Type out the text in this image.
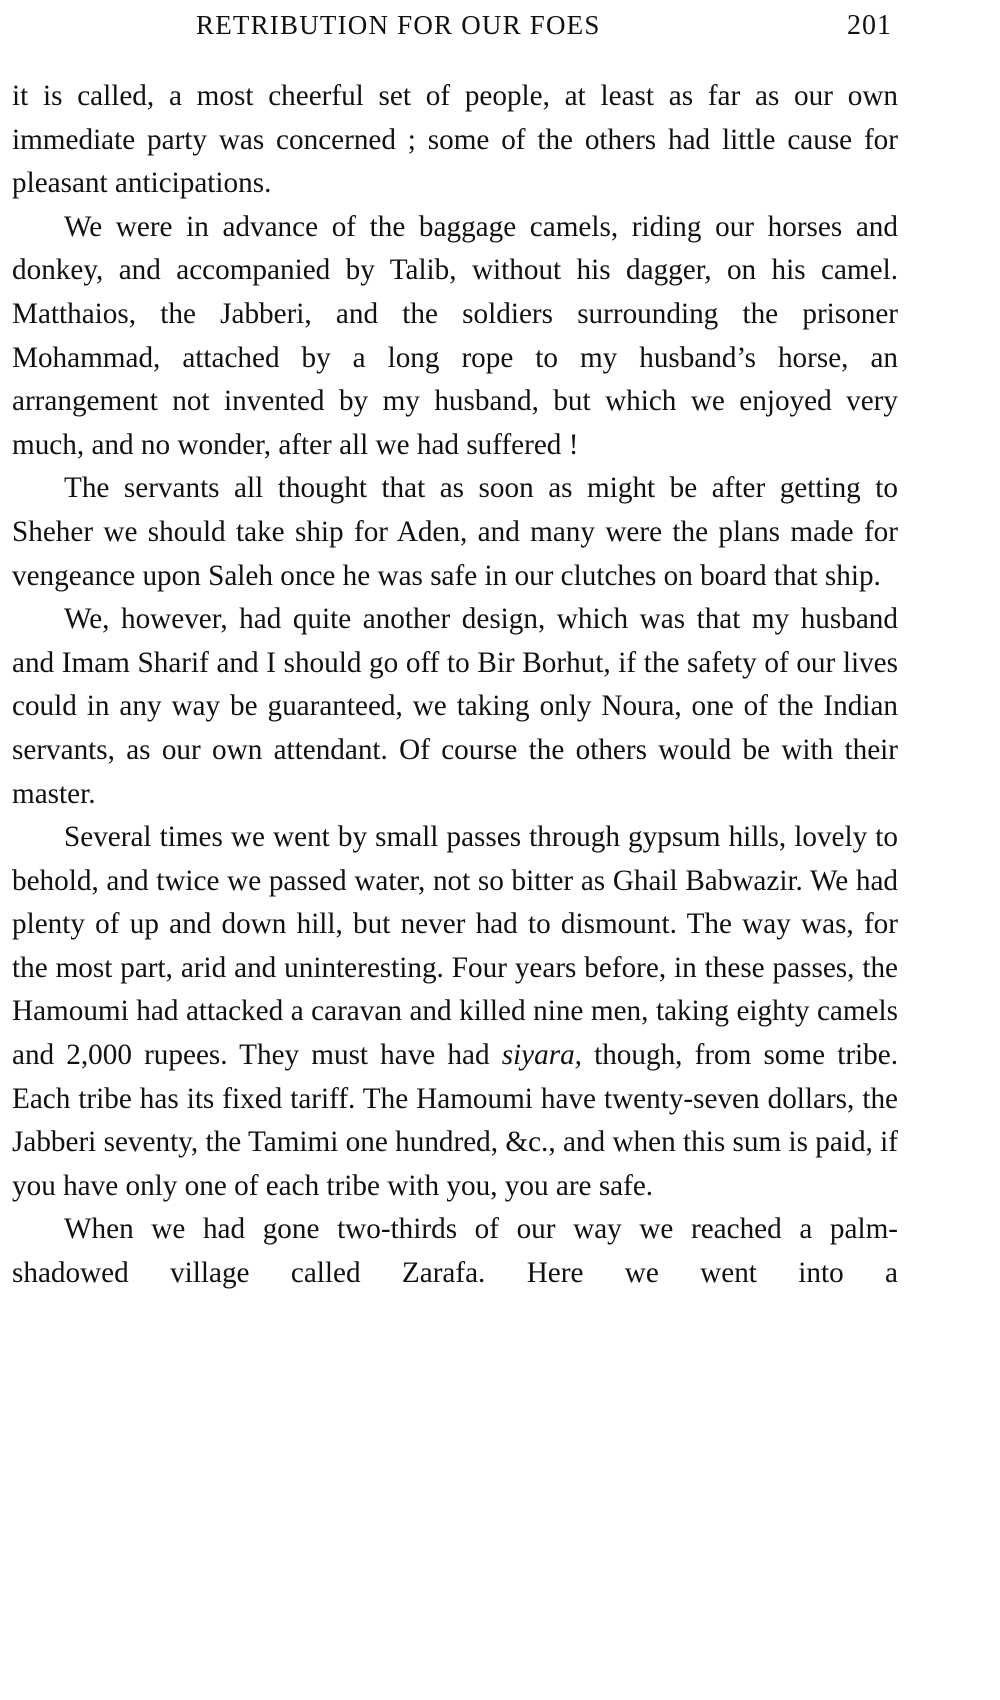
RETRIBUTION FOR OUR FOES	201

it is called, a most cheerful set of people, at least as far as our own immediate party was concerned ; some of the others had little cause for pleasant anticipations.

We were in advance of the baggage camels, riding our horses and donkey, and accompanied by Talib, without his dagger, on his camel. Matthaios, the Jabberi, and the soldiers surrounding the prisoner Mohammad, attached by a long rope to my husband’s horse, an arrangement not invented by my husband, but which we enjoyed very much, and no wonder, after all we had suffered !

The servants all thought that as soon as might be after getting to Sheher we should take ship for Aden, and many were the plans made for vengeance upon Saleh once he was safe in our clutches on board that ship.

We, however, had quite another design, which was that my husband and Imam Sharif and I should go off to Bir Borhut, if the safety of our lives could in any way be guaranteed, we taking only Noura, one of the Indian servants, as our own attendant. Of course the others would be with their master.

Several times we went by small passes through gypsum hills, lovely to behold, and twice we passed water, not so bitter as Ghail Babwazir. We had plenty of up and down hill, but never had to dismount. The way was, for the most part, arid and uninteresting. Four years before, in these passes, the Hamoumi had attacked a caravan and killed nine men, taking eighty camels and 2,000 rupees. They must have had siyara, though, from some tribe. Each tribe has its fixed tariff. The Hamoumi have twenty-seven dollars, the Jabberi seventy, the Tamimi one hundred, &c., and when this sum is paid, if you have only one of each tribe with you, you are safe.

When we had gone two-thirds of our way we reached a palm-shadowed village called Zarafa. Here we went into a
